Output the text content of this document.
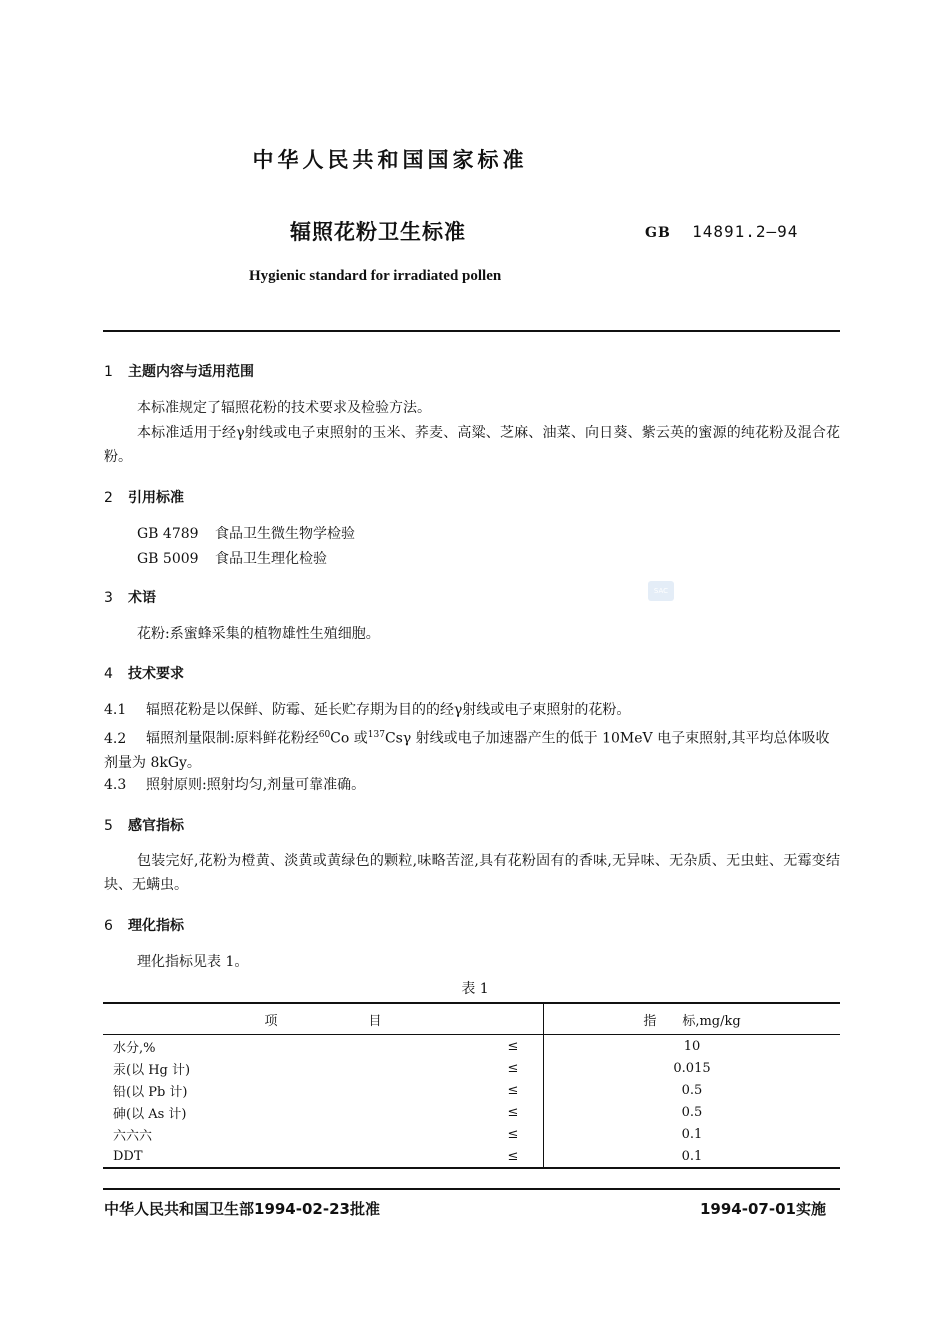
中华人民共和国国家标准
辐照花粉卫生标准	GB 14891.2—94
Hygienic standard for irradiated pollen
1 主题内容与适用范围
本标准规定了辐照花粉的技术要求及检验方法。
本标准适用于经γ射线或电子束照射的玉米、荞麦、高粱、芝麻、油菜、向日葵、紫云英的蜜源的纯花粉及混合花粉。
2 引用标准
GB 4789 食品卫生微生物学检验
GB 5009 食品卫生理化检验
SAC
3 术语
花粉:系蜜蜂采集的植物雄性生殖细胞。
4 技术要求
4.1 辐照花粉是以保鲜、防霉、延长贮存期为目的的经γ射线或电子束照射的花粉。
4.2 辐照剂量限制:原料鲜花粉经$^{60}$Co 或$^{137}$Csγ 射线或电子加速器产生的低于 10MeV 电子束照射,其平均总体吸收剂量为 8kGy。
4.3 照射原则:照射均匀,剂量可靠准确。
5 感官指标
包装完好,花粉为橙黄、淡黄或黄绿色的颗粒,味略苦涩,具有花粉固有的香味,无异味、无杂质、无虫蛀、无霉变结块、无螨虫。
6 理化指标
理化指标见表 1。
表 1
项　　　　　　　目		指　　标,mg/kg
水分,%	≤	10
汞(以 Hg 计)	≤	0.015
铅(以 Pb 计)	≤	0.5
砷(以 As 计)	≤	0.5
六六六	≤	0.1
DDT	≤	0.1
中华人民共和国卫生部1994-02-23批准	1994-07-01实施
